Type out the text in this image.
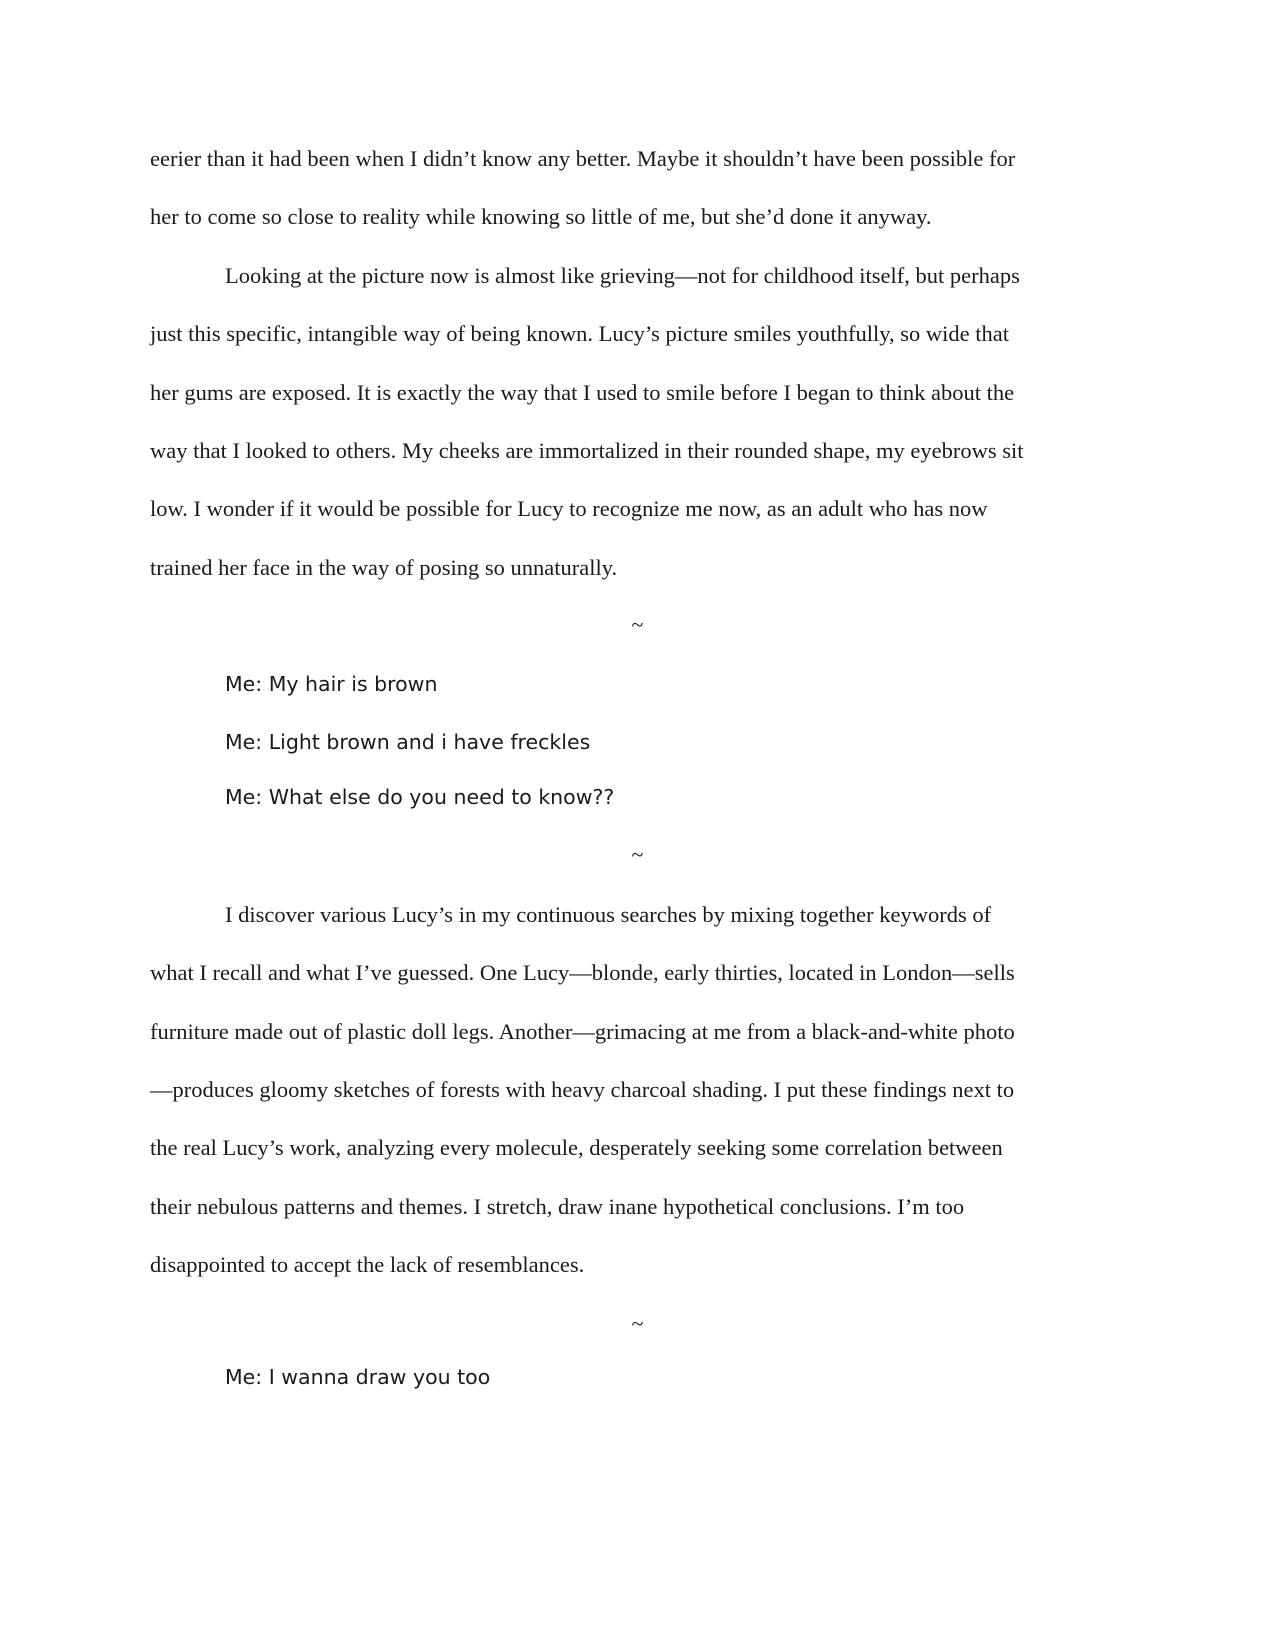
eerier than it had been when I didn’t know any better. Maybe it shouldn’t have been possible for
her to come so close to reality while knowing so little of me, but she’d done it anyway.
Looking at the picture now is almost like grieving—not for childhood itself, but perhaps
just this specific, intangible way of being known. Lucy’s picture smiles youthfully, so wide that
her gums are exposed. It is exactly the way that I used to smile before I began to think about the
way that I looked to others. My cheeks are immortalized in their rounded shape, my eyebrows sit
low. I wonder if it would be possible for Lucy to recognize me now, as an adult who has now
trained her face in the way of posing so unnaturally.
~
Me: My hair is brown
Me: Light brown and i have freckles
Me: What else do you need to know??
~
I discover various Lucy’s in my continuous searches by mixing together keywords of
what I recall and what I’ve guessed. One Lucy—blonde, early thirties, located in London—sells
furniture made out of plastic doll legs. Another—grimacing at me from a black-and-white photo
—produces gloomy sketches of forests with heavy charcoal shading. I put these findings next to
the real Lucy’s work, analyzing every molecule, desperately seeking some correlation between
their nebulous patterns and themes. I stretch, draw inane hypothetical conclusions. I’m too
disappointed to accept the lack of resemblances.
~
Me: I wanna draw you too
